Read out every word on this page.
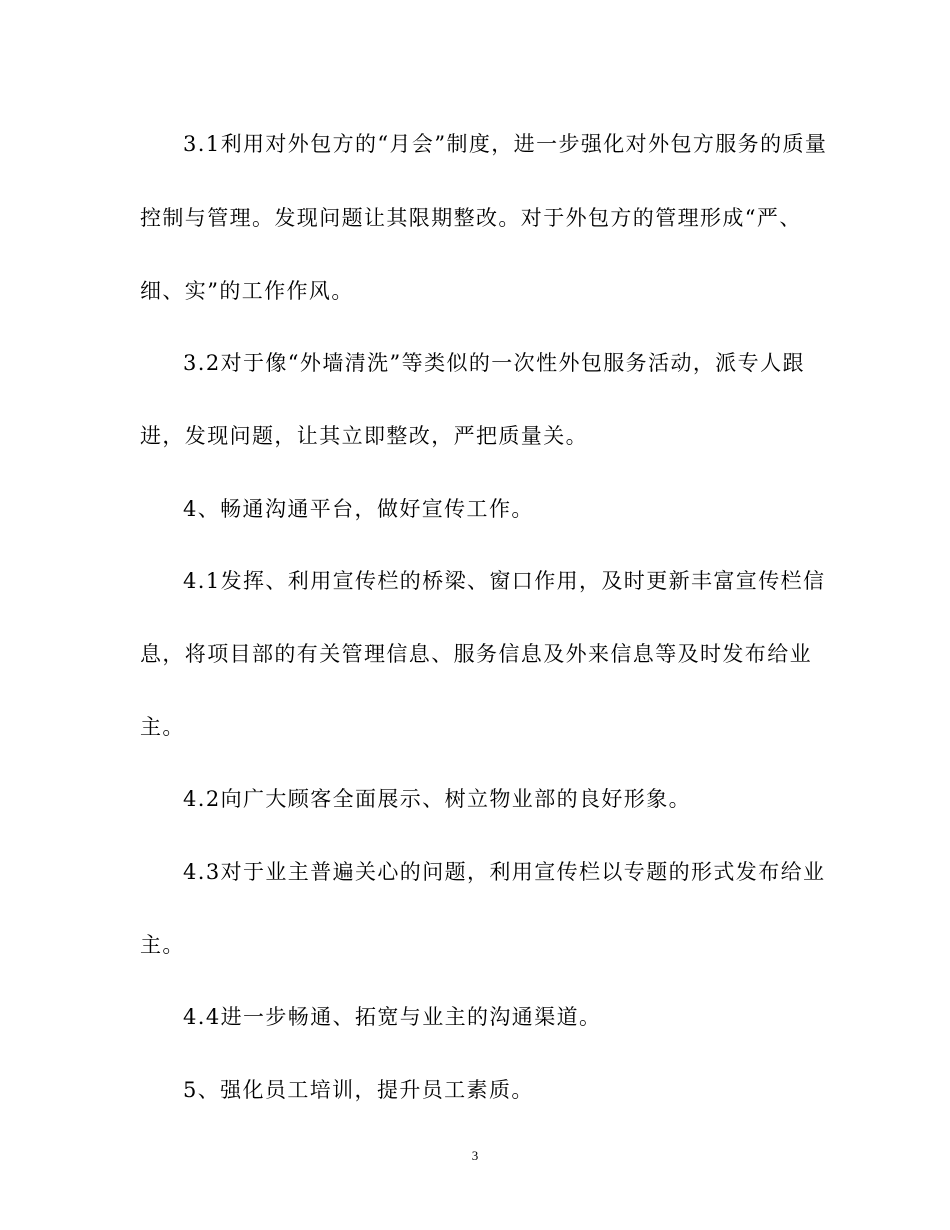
3.1利用对外包方的“月会”制度，进一步强化对外包方服务的质量
控制与管理。发现问题让其限期整改。对于外包方的管理形成“严、
细、实”的工作作风。
3.2对于像“外墙清洗”等类似的一次性外包服务活动，派专人跟
进，发现问题，让其立即整改，严把质量关。
4、畅通沟通平台，做好宣传工作。
4.1发挥、利用宣传栏的桥梁、窗口作用，及时更新丰富宣传栏信
息，将项目部的有关管理信息、服务信息及外来信息等及时发布给业
主。
4.2向广大顾客全面展示、树立物业部的良好形象。
4.3对于业主普遍关心的问题，利用宣传栏以专题的形式发布给业
主。
4.4进一步畅通、拓宽与业主的沟通渠道。
5、强化员工培训，提升员工素质。
3
